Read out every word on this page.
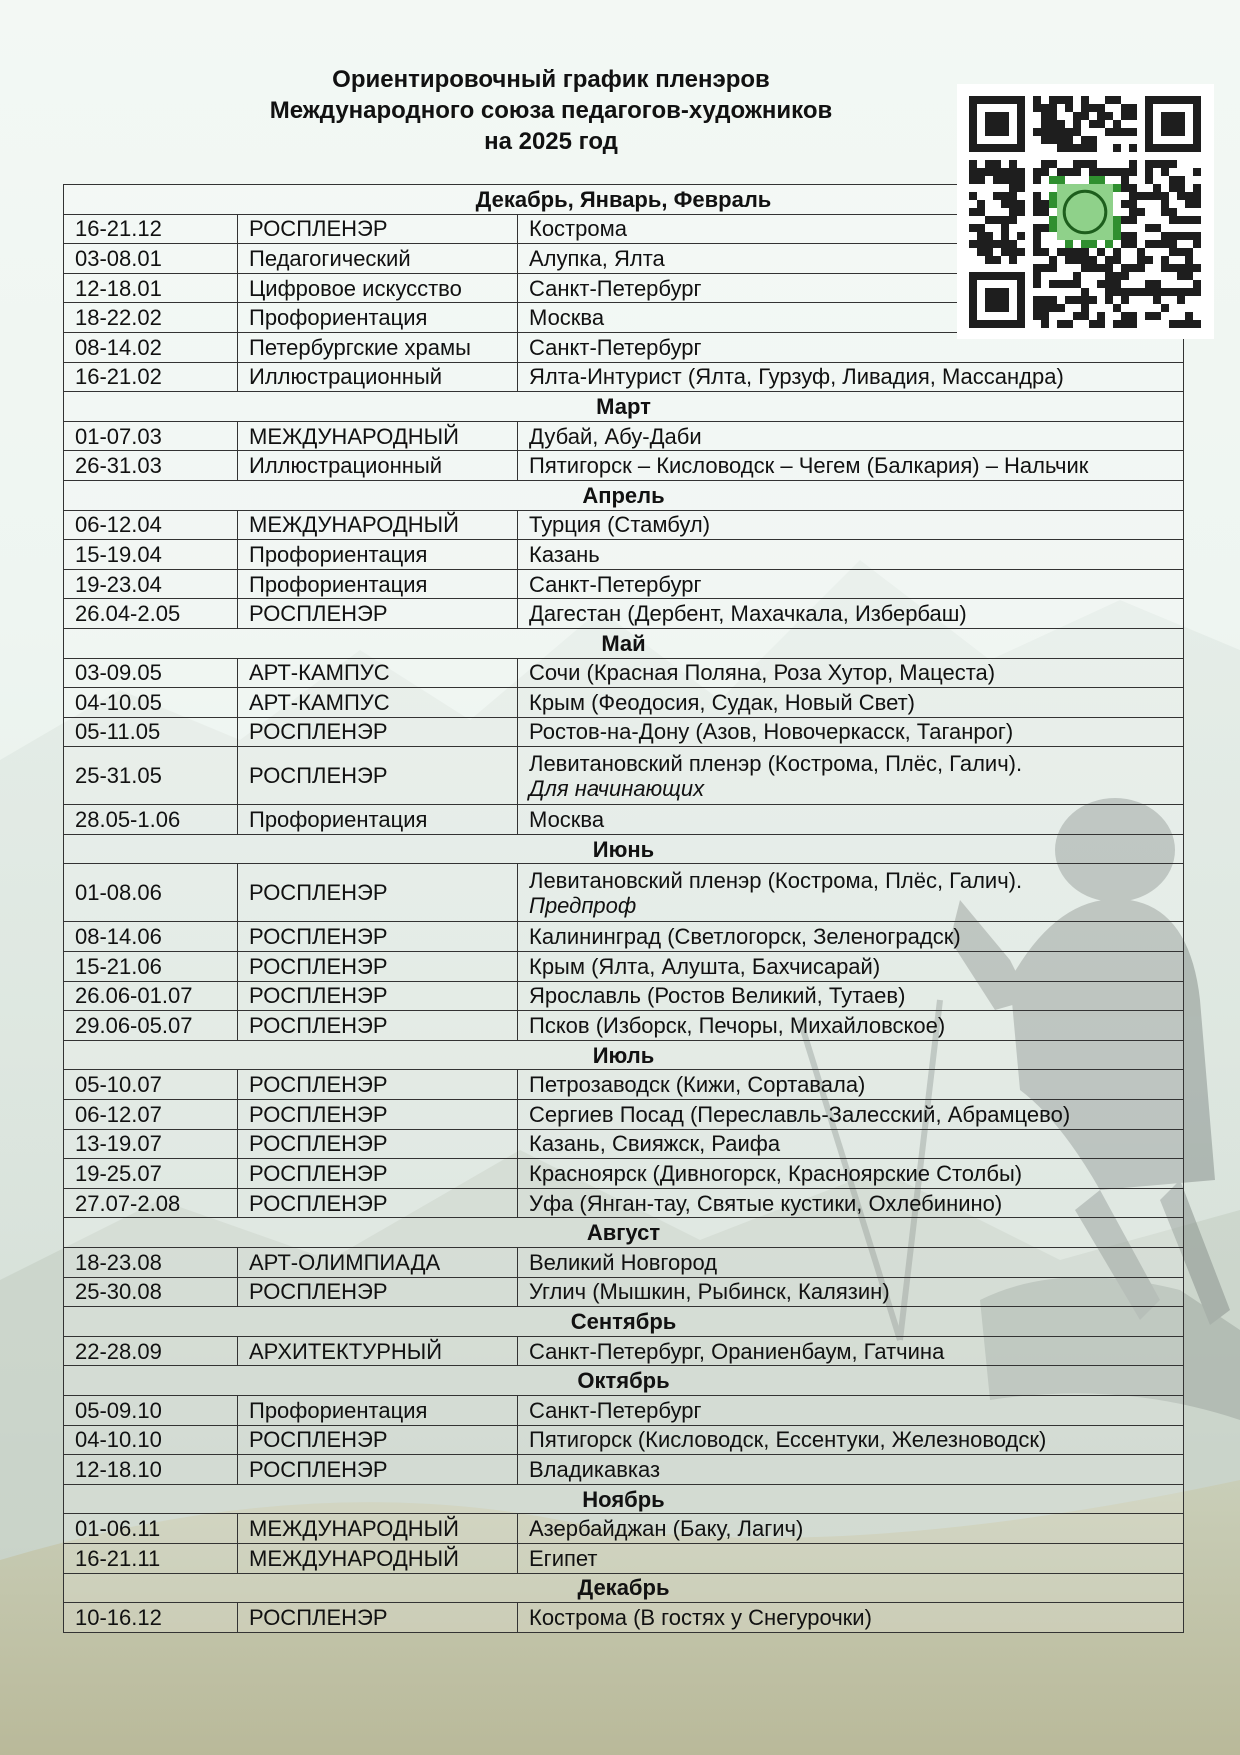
Ориентировочный график пленэров
Международного союза педагогов-художников
на 2025 год
Декабрь, Январь, Февраль		
16-21.12	РОСПЛЕНЭР	Кострома
03-08.01	Педагогический	Алупка, Ялта
12-18.01	Цифровое искусство	Санкт-Петербург
18-22.02	Профориентация	Москва
08-14.02	Петербургские храмы	Санкт-Петербург
16-21.02	Иллюстрационный	Ялта-Интурист (Ялта, Гурзуф, Ливадия, Массандра)
Март		
01-07.03	МЕЖДУНАРОДНЫЙ	Дубай, Абу-Даби
26-31.03	Иллюстрационный	Пятигорск – Кисловодск – Чегем (Балкария) – Нальчик
Апрель		
06-12.04	МЕЖДУНАРОДНЫЙ	Турция (Стамбул)
15-19.04	Профориентация	Казань
19-23.04	Профориентация	Санкт-Петербург
26.04-2.05	РОСПЛЕНЭР	Дагестан (Дербент, Махачкала, Избербаш)
Май		
03-09.05	АРТ-КАМПУС	Сочи (Красная Поляна, Роза Хутор, Мацеста)
04-10.05	АРТ-КАМПУС	Крым (Феодосия, Судак, Новый Свет)
05-11.05	РОСПЛЕНЭР	Ростов-на-Дону (Азов, Новочеркасск, Таганрог)
25-31.05	РОСПЛЕНЭР	Левитановский пленэр (Кострома, Плёс, Галич).
Для начинающих

28.05-1.06	Профориентация	Москва
Июнь		
01-08.06	РОСПЛЕНЭР	Левитановский пленэр (Кострома, Плёс, Галич).
Предпроф

08-14.06	РОСПЛЕНЭР	Калининград (Светлогорск, Зеленоградск)
15-21.06	РОСПЛЕНЭР	Крым (Ялта, Алушта, Бахчисарай)
26.06-01.07	РОСПЛЕНЭР	Ярославль (Ростов Великий, Тутаев)
29.06-05.07	РОСПЛЕНЭР	Псков (Изборск, Печоры, Михайловское)
Июль		
05-10.07	РОСПЛЕНЭР	Петрозаводск (Кижи, Сортавала)
06-12.07	РОСПЛЕНЭР	Сергиев Посад (Переславль-Залесский, Абрамцево)
13-19.07	РОСПЛЕНЭР	Казань, Свияжск, Раифа
19-25.07	РОСПЛЕНЭР	Красноярск (Дивногорск, Красноярские Столбы)
27.07-2.08	РОСПЛЕНЭР	Уфа (Янган-тау, Святые кустики, Охлебинино)
Август		
18-23.08	АРТ-ОЛИМПИАДА	Великий Новгород
25-30.08	РОСПЛЕНЭР	Углич (Мышкин, Рыбинск, Калязин)
Сентябрь		
22-28.09	АРХИТЕКТУРНЫЙ	Санкт-Петербург, Ораниенбаум, Гатчина
Октябрь		
05-09.10	Профориентация	Санкт-Петербург
04-10.10	РОСПЛЕНЭР	Пятигорск (Кисловодск, Ессентуки, Железноводск)
12-18.10	РОСПЛЕНЭР	Владикавказ
Ноябрь		
01-06.11	МЕЖДУНАРОДНЫЙ	Азербайджан (Баку, Лагич)
16-21.11	МЕЖДУНАРОДНЫЙ	Египет
Декабрь		
10-16.12	РОСПЛЕНЭР	Кострома (В гостях у Снегурочки)
